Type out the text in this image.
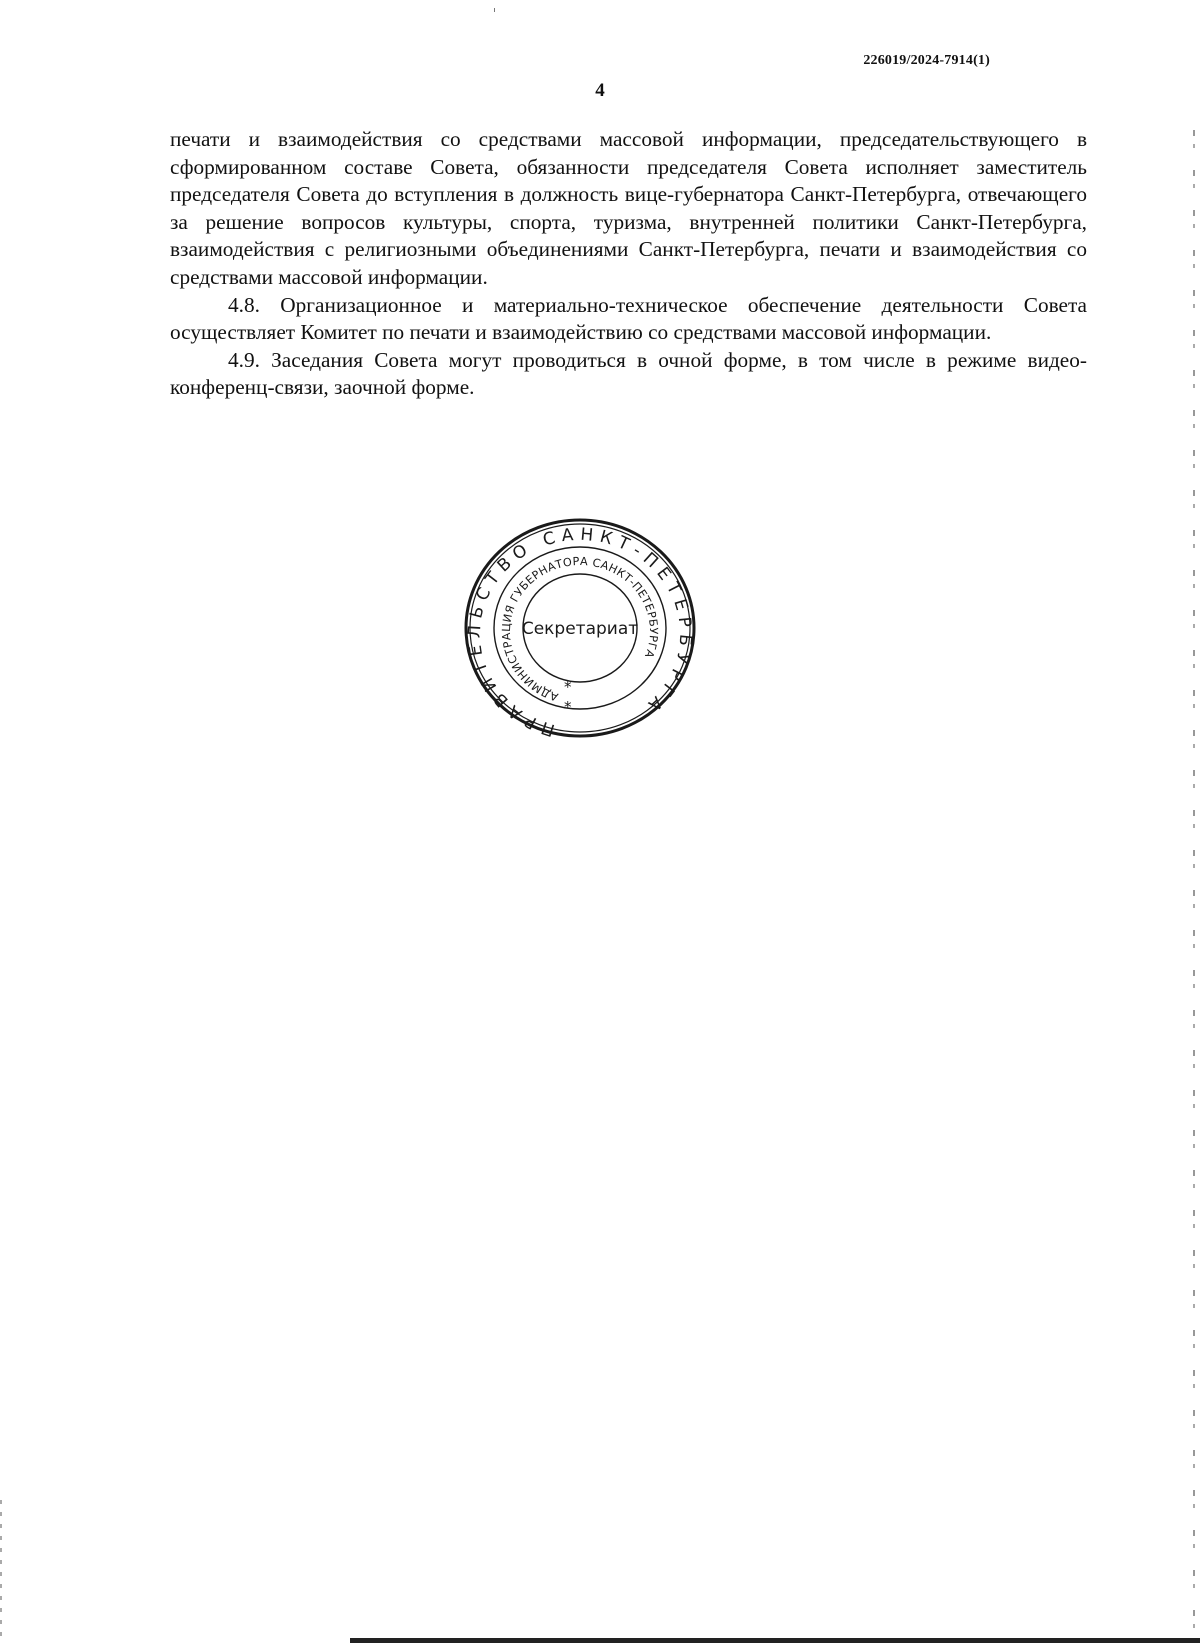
226019/2024-7914(1)
4

печати и взаимодействия со средствами массовой информации, председательствующего в сформированном составе Совета, обязанности председателя Совета исполняет заместитель председателя Совета до вступления в должность вице-губернатора Санкт-Петербурга, отвечающего за решение вопросов культуры, спорта, туризма, внутренней политики Санкт-Петербурга, взаимодействия с религиозными объединениями Санкт-Петербурга, печати и взаимодействия со средствами массовой информации.

4.8. Организационное и материально-техническое обеспечение деятельности Совета осуществляет Комитет по печати и взаимодействию со средствами массовой информации.

4.9. Заседания Совета могут проводиться в очной форме, в том числе в режиме видео-конференц-связи, заочной форме.

ПРАВИТЕЛЬСТВО САНКТ-ПЕТЕРБУРГА
АДМИНИСТРАЦИЯ ГУБЕРНАТОРА САНКТ-ПЕТЕРБУРГА
*
*
Секретариат
